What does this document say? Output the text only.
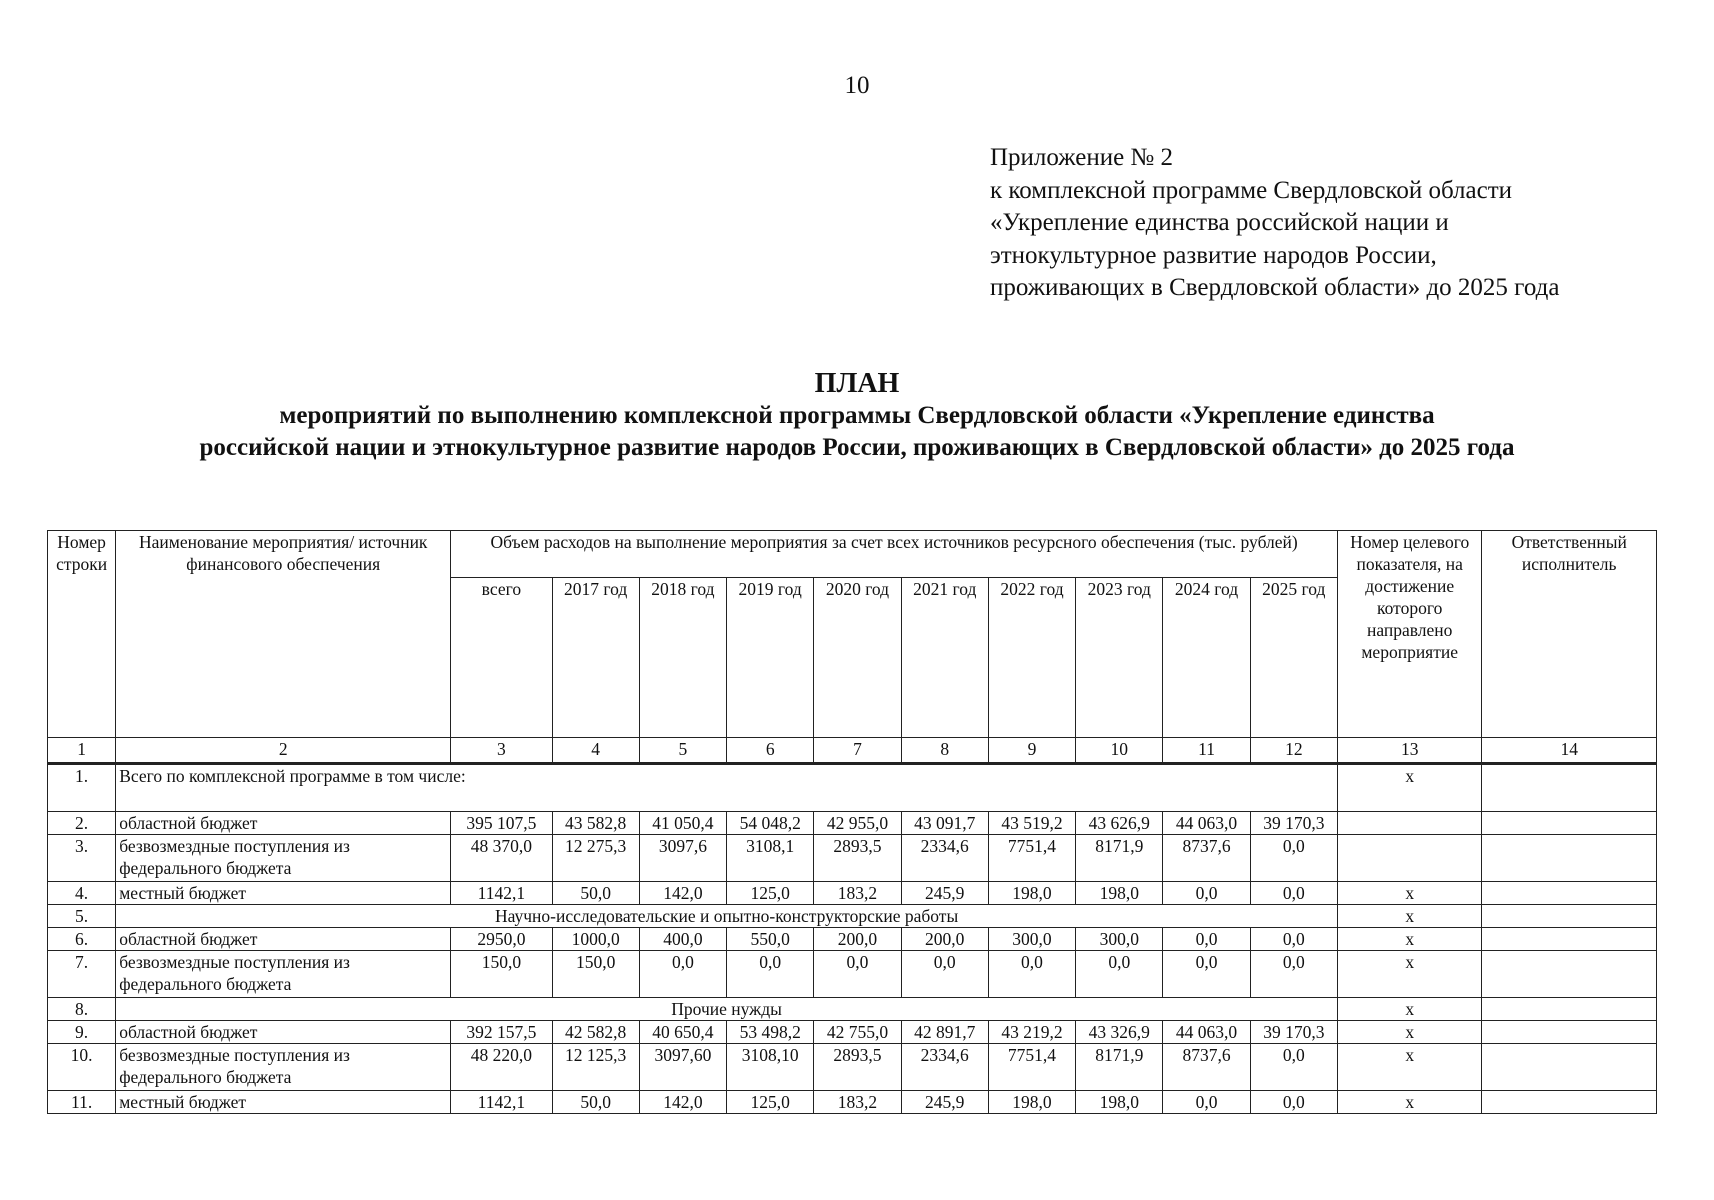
10
Приложение № 2
к комплексной программе Свердловской области
«Укрепление единства российской нации и
этнокультурное развитие народов России,
проживающих в Свердловской области» до 2025 года
ПЛАН
мероприятий по выполнению комплексной программы Свердловской области «Укрепление единства
российской нации и этнокультурное развитие народов России, проживающих в Свердловской области» до 2025 года
Номер строки	Наименование мероприятия/ источник финансового обеспечения	Объем расходов на выполнение мероприятия за счет всех источников ресурсного обеспечения (тыс. рублей)										Номер целевого показателя, на достижение которого направлено мероприятие	Ответственный исполнитель
		всего	2017 год	2018 год	2019 год	2020 год	2021 год	2022 год	2023 год	2024 год	2025 год		
1	2	3	4	5	6	7	8	9	10	11	12	13	14
1.	Всего по комплексной программе в том числе:											х	
2.	областной бюджет	395 107,5	43 582,8	41 050,4	54 048,2	42 955,0	43 091,7	43 519,2	43 626,9	44 063,0	39 170,3		
3.	безвозмездные поступления из федерального бюджета	48 370,0	12 275,3	3097,6	3108,1	2893,5	2334,6	7751,4	8171,9	8737,6	0,0		
4.	местный бюджет	1142,1	50,0	142,0	125,0	183,2	245,9	198,0	198,0	0,0	0,0	х	
5.	Научно-исследовательские и опытно-конструкторские работы											х	
6.	областной бюджет	2950,0	1000,0	400,0	550,0	200,0	200,0	300,0	300,0	0,0	0,0	х	
7.	безвозмездные поступления из федерального бюджета	150,0	150,0	0,0	0,0	0,0	0,0	0,0	0,0	0,0	0,0	х	
8.	Прочие нужды											х	
9.	областной бюджет	392 157,5	42 582,8	40 650,4	53 498,2	42 755,0	42 891,7	43 219,2	43 326,9	44 063,0	39 170,3	х	
10.	безвозмездные поступления из федерального бюджета	48 220,0	12 125,3	3097,60	3108,10	2893,5	2334,6	7751,4	8171,9	8737,6	0,0	х	
11.	местный бюджет	1142,1	50,0	142,0	125,0	183,2	245,9	198,0	198,0	0,0	0,0	х	
